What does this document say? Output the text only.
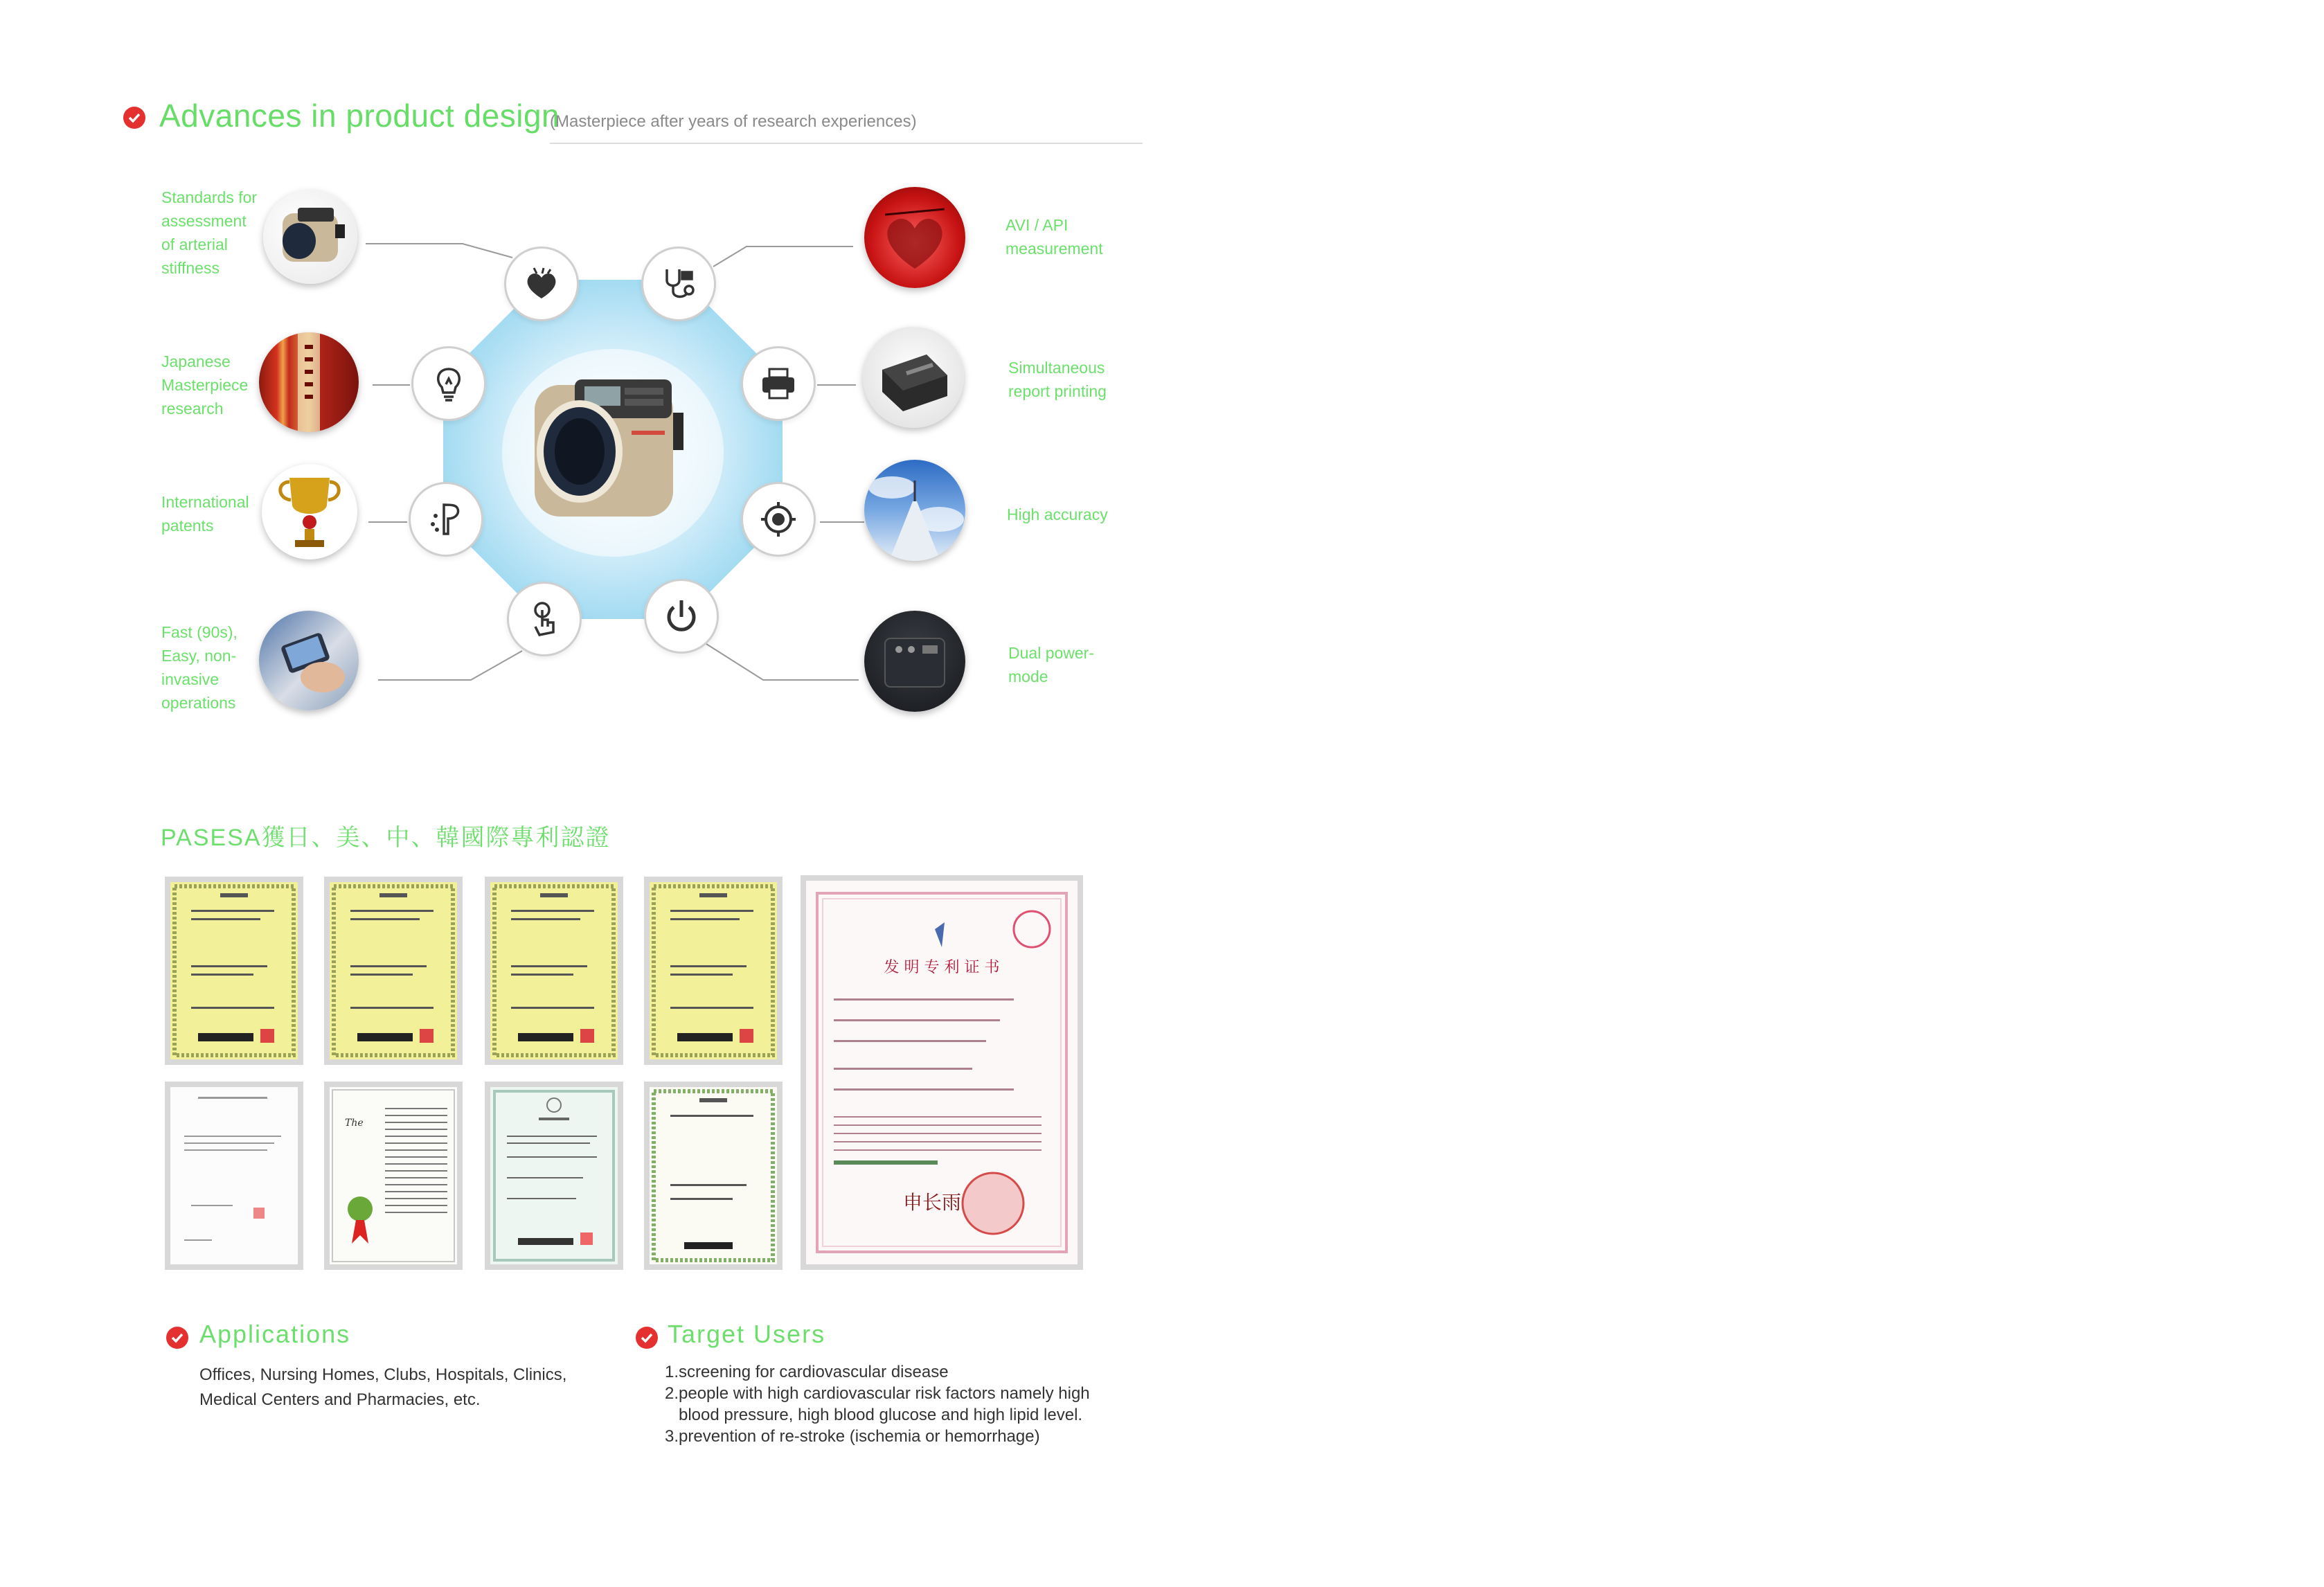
Advances in product design
(Masterpiece after years of research experiences)
Standards for
assessment
of arterial
stiffness
Japanese
Masterpiece
research
International
patents
Fast (90s),
Easy, non-
invasive
operations
AVI / API
measurement
Simultaneous
report printing
High accuracy
Dual power-
mode
PASESA獲日、美、中、韓國際專利認證
The
发 明 专 利 证 书
申长雨
Applications
Offices, Nursing Homes, Clubs, Hospitals, Clinics,
Medical Centers and Pharmacies, etc.
Target Users
1.screening for cardiovascular disease
2.people with high cardiovascular risk factors namely high
blood pressure, high blood glucose and high lipid level.
3.prevention of re-stroke (ischemia or hemorrhage)
